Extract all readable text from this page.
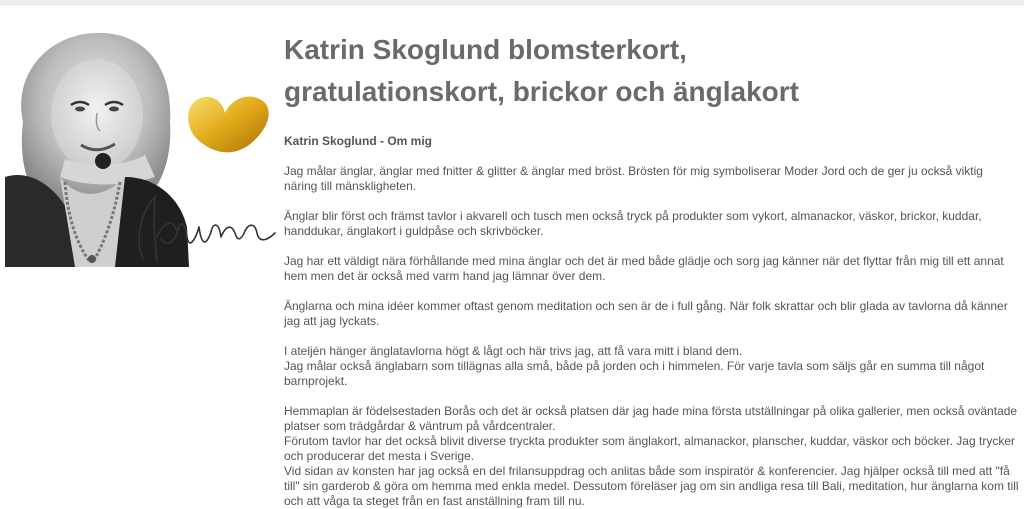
Katrin Skoglund blomsterkort,
gratulationskort, brickor och änglakort

Katrin Skoglund - Om mig

Jag målar änglar, änglar med fnitter & glitter & änglar med bröst. Brösten för mig symboliserar Moder Jord och de ger ju också viktig näring till mänskligheten.

Änglar blir först och främst tavlor i akvarell och tusch men också tryck på produkter som vykort, almanackor, väskor, brickor, kuddar, handdukar, änglakort i guldpåse och skrivböcker.

Jag har ett väldigt nära förhållande med mina änglar och det är med både glädje och sorg jag känner när det flyttar från mig till ett annat hem men det är också med varm hand jag lämnar över dem.

Änglarna och mina idéer kommer oftast genom meditation och sen är de i full gång. När folk skrattar och blir glada av tavlorna då känner jag att jag lyckats.

I ateljén hänger änglatavlorna högt & lågt och här trivs jag, att få vara mitt i bland dem.

Jag målar också änglabarn som tillägnas alla små, både på jorden och i himmelen. För varje tavla som säljs går en summa till något barnprojekt.

Hemmaplan är födelsestaden Borås och det är också platsen där jag hade mina första utställningar på olika gallerier, men också oväntade platser som trädgårdar & väntrum på vårdcentraler.

Förutom tavlor har det också blivit diverse tryckta produkter som änglakort, almanackor, planscher, kuddar, väskor och böcker. Jag trycker och producerar det mesta i Sverige.

Vid sidan av konsten har jag också en del frilansuppdrag och anlitas både som inspiratör & konferencier. Jag hjälper också till med att "få till" sin garderob & göra om hemma med enkla medel. Dessutom föreläser jag om sin andliga resa till Bali, meditation, hur änglarna kom till och att våga ta steget från en fast anställning fram till nu.
